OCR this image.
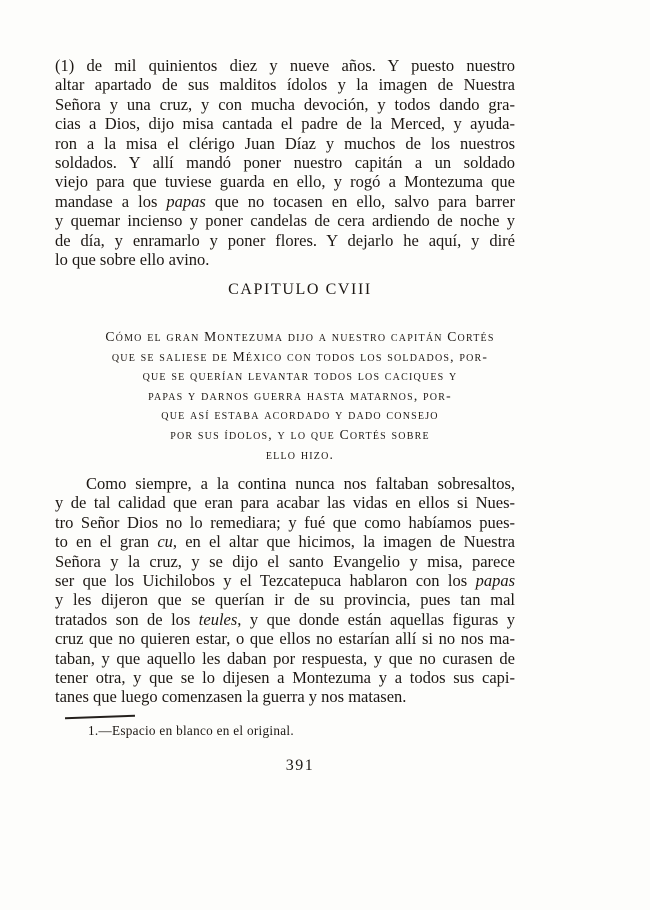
(1) de mil quinientos diez y nueve años. Y puesto nuestro
altar apartado de sus malditos ídolos y la imagen de Nuestra
Señora y una cruz, y con mucha devoción, y todos dando gra-
cias a Dios, dijo misa cantada el padre de la Merced, y ayuda-
ron a la misa el clérigo Juan Díaz y muchos de los nuestros
soldados. Y allí mandó poner nuestro capitán a un soldado
viejo para que tuviese guarda en ello, y rogó a Montezuma que
mandase a los papas que no tocasen en ello, salvo para barrer
y quemar incienso y poner candelas de cera ardiendo de noche y
de día, y enramarlo y poner flores. Y dejarlo he aquí, y diré
lo que sobre ello avino.
CAPITULO CVIII
Cómo el gran Montezuma dijo a nuestro capitán Cortés
que se saliese de México con todos los soldados, por-
que se querían levantar todos los caciques y
papas y darnos guerra hasta matarnos, por-
que así estaba acordado y dado consejo
por sus ídolos, y lo que Cortés sobre
ello hizo.
Como siempre, a la contina nunca nos faltaban sobresaltos,
y de tal calidad que eran para acabar las vidas en ellos si Nues-
tro Señor Dios no lo remediara; y fué que como habíamos pues-
to en el gran cu, en el altar que hicimos, la imagen de Nuestra
Señora y la cruz, y se dijo el santo Evangelio y misa, parece
ser que los Uichilobos y el Tezcatepuca hablaron con los papas
y les dijeron que se querían ir de su provincia, pues tan mal
tratados son de los teules, y que donde están aquellas figuras y
cruz que no quieren estar, o que ellos no estarían allí si no nos ma-
taban, y que aquello les daban por respuesta, y que no curasen de
tener otra, y que se lo dijesen a Montezuma y a todos sus capi-
tanes que luego comenzasen la guerra y nos matasen.
1.—Espacio en blanco en el original.
391
